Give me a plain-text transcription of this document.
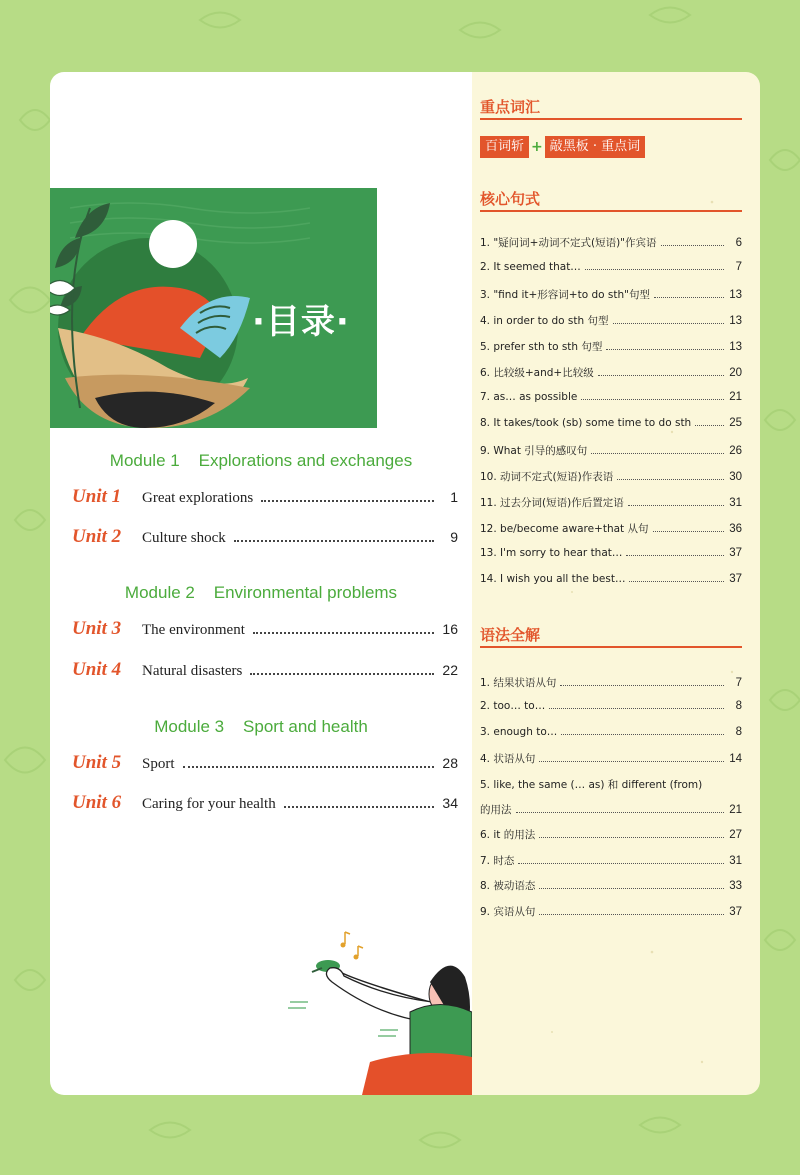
·目录·
Module 1    Explorations and exchanges
Unit 1	Great explorations	1
Unit 2	Culture shock	9
Module 2    Environmental problems
Unit 3	The environment	16
Unit 4	Natural disasters	22
Module 3    Sport and health
Unit 5	Sport	28
Unit 6	Caring for your health	34
重点词汇
百词斩 + 敲黑板 · 重点词
核心句式
1. "疑问词+动词不定式(短语)"作宾语	6
2. It seemed that…	7
3. "find it+形容词+to do sth"句型	13
4. in order to do sth 句型	13
5. prefer sth to sth 句型	13
6. 比较级+and+比较级	20
7. as… as possible	21
8. It takes/took (sb) some time to do sth	25
9. What 引导的感叹句	26
10. 动词不定式(短语)作表语	30
11. 过去分词(短语)作后置定语	31
12. be/become aware+that 从句	36
13. I'm sorry to hear that…	37
14. I wish you all the best…	37
语法全解
1. 结果状语从句	7
2. too… to…	8
3. enough to…	8
4. 状语从句	14
5. like, the same (… as) 和 different (from)
的用法	21
6. it 的用法	27
7. 时态	31
8. 被动语态	33
9. 宾语从句	37
